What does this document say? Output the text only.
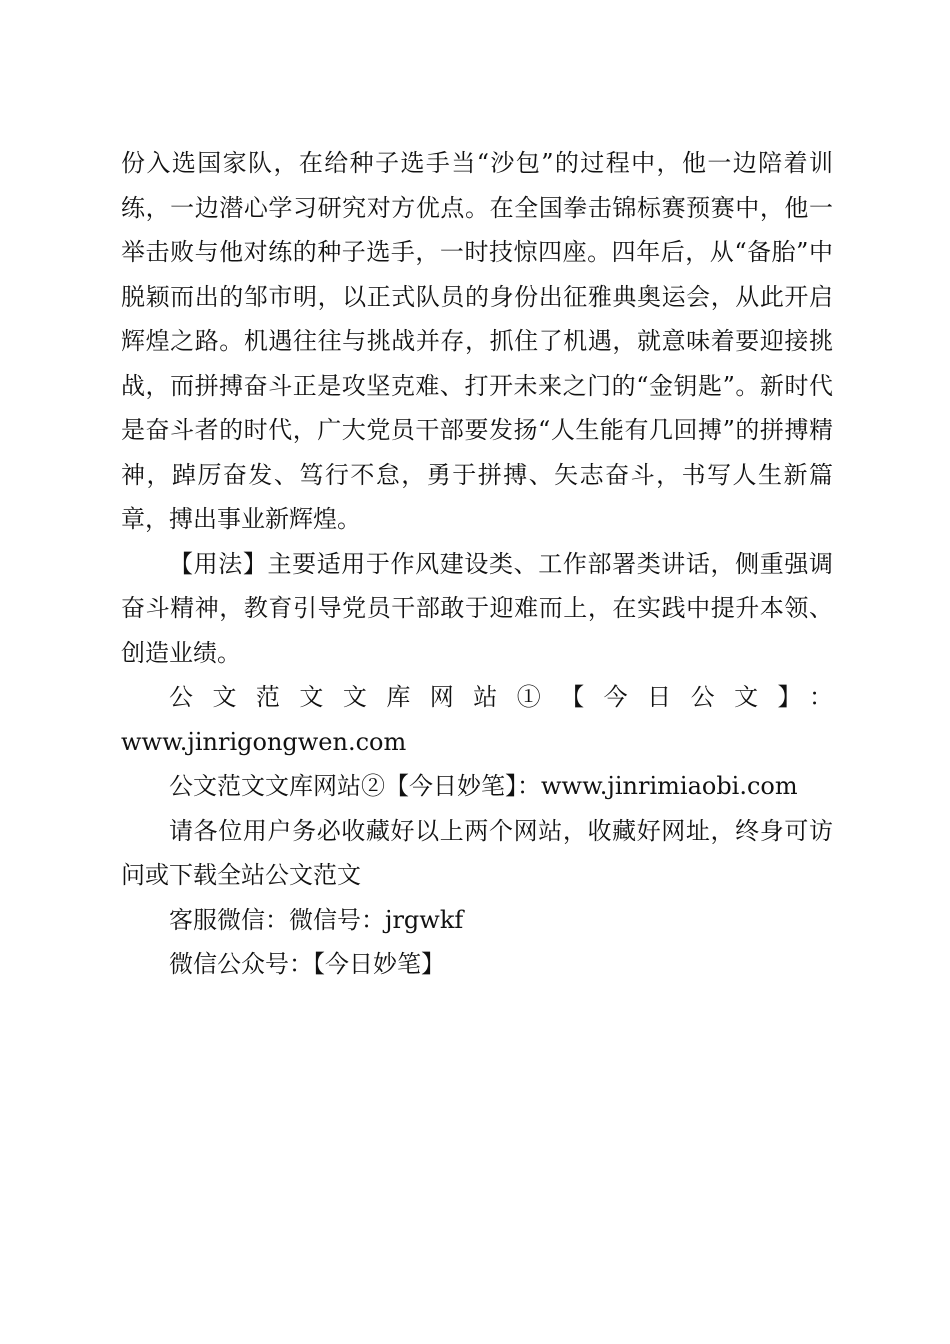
份入选国家队，在给种子选手当“沙包”的过程中，他一边陪着训练，一边潜心学习研究对方优点。在全国拳击锦标赛预赛中，他一举击败与他对练的种子选手，一时技惊四座。四年后，从“备胎”中脱颖而出的邹市明，以正式队员的身份出征雅典奥运会，从此开启辉煌之路。机遇往往与挑战并存，抓住了机遇，就意味着要迎接挑战，而拼搏奋斗正是攻坚克难、打开未来之门的“金钥匙”。新时代是奋斗者的时代，广大党员干部要发扬“人生能有几回搏”的拼搏精神，踔厉奋发、笃行不怠，勇于拼搏、矢志奋斗，书写人生新篇章，搏出事业新辉煌。

【用法】主要适用于作风建设类、工作部署类讲话，侧重强调奋斗精神，教育引导党员干部敢于迎难而上，在实践中提升本领、创造业绩。

公文范文文库网站①【今日公文】：

www.jinrigongwen.com

公文范文文库网站②【今日妙笔】：www.jinrimiaobi.com

请各位用户务必收藏好以上两个网站，收藏好网址，终身可访问或下载全站公文范文

客服微信：微信号：jrgwkf

微信公众号：【今日妙笔】
